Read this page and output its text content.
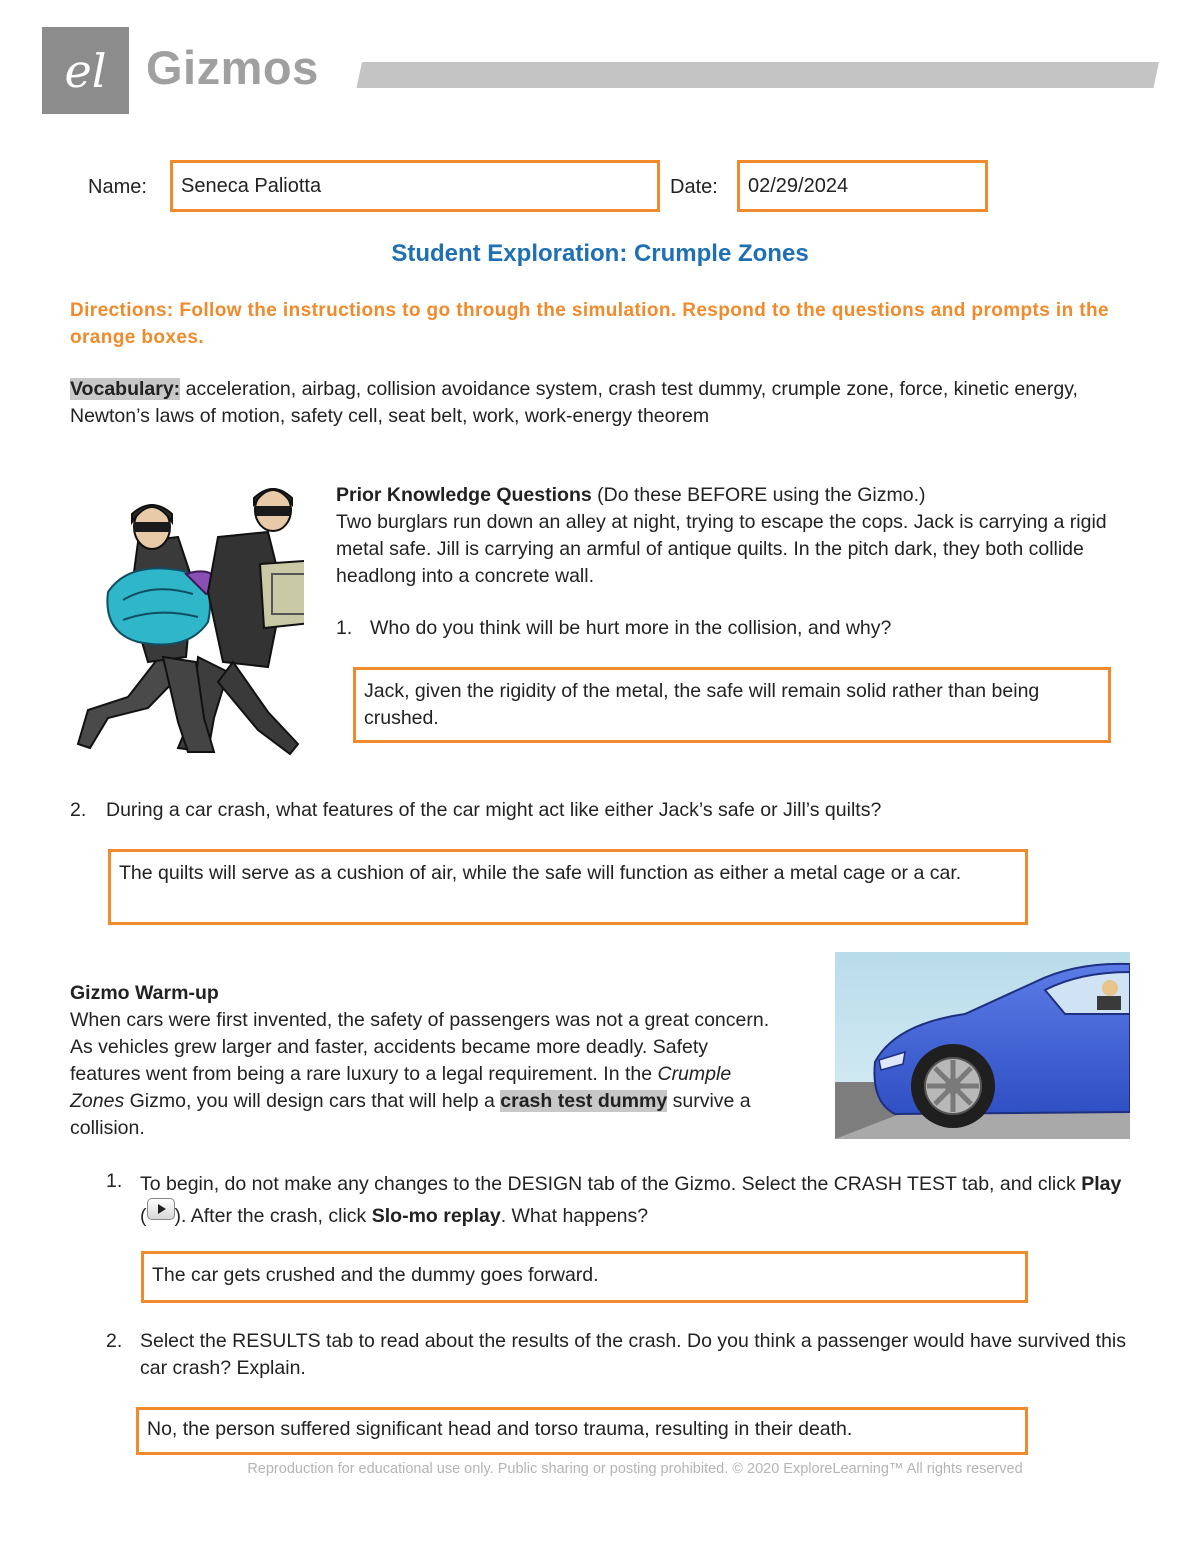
el Gizmos
Name: Seneca Paliotta	Date: 02/29/2024
Student Exploration: Crumple Zones
Directions: Follow the instructions to go through the simulation. Respond to the questions and prompts in the orange boxes.
Vocabulary: acceleration, airbag, collision avoidance system, crash test dummy, crumple zone, force, kinetic energy, Newton’s laws of motion, safety cell, seat belt, work, work-energy theorem
Prior Knowledge Questions (Do these BEFORE using the Gizmo.)
Two burglars run down an alley at night, trying to escape the cops. Jack is carrying a rigid metal safe. Jill is carrying an armful of antique quilts. In the pitch dark, they both collide headlong into a concrete wall.
1. Who do you think will be hurt more in the collision, and why?
Jack, given the rigidity of the metal, the safe will remain solid rather than being crushed.
2. During a car crash, what features of the car might act like either Jack’s safe or Jill’s quilts?
The quilts will serve as a cushion of air, while the safe will function as either a metal cage or a car.
Gizmo Warm-up
When cars were first invented, the safety of passengers was not a great concern. As vehicles grew larger and faster, accidents became more deadly. Safety features went from being a rare luxury to a legal requirement. In the Crumple Zones Gizmo, you will design cars that will help a crash test dummy survive a collision.
1. To begin, do not make any changes to the DESIGN tab of the Gizmo. Select the CRASH TEST tab, and click Play ( ). After the crash, click Slo-mo replay. What happens?
The car gets crushed and the dummy goes forward.
2. Select the RESULTS tab to read about the results of the crash. Do you think a passenger would have survived this car crash? Explain.
No, the person suffered significant head and torso trauma, resulting in their death.
Reproduction for educational use only. Public sharing or posting prohibited. © 2020 ExploreLearning™ All rights reserved
